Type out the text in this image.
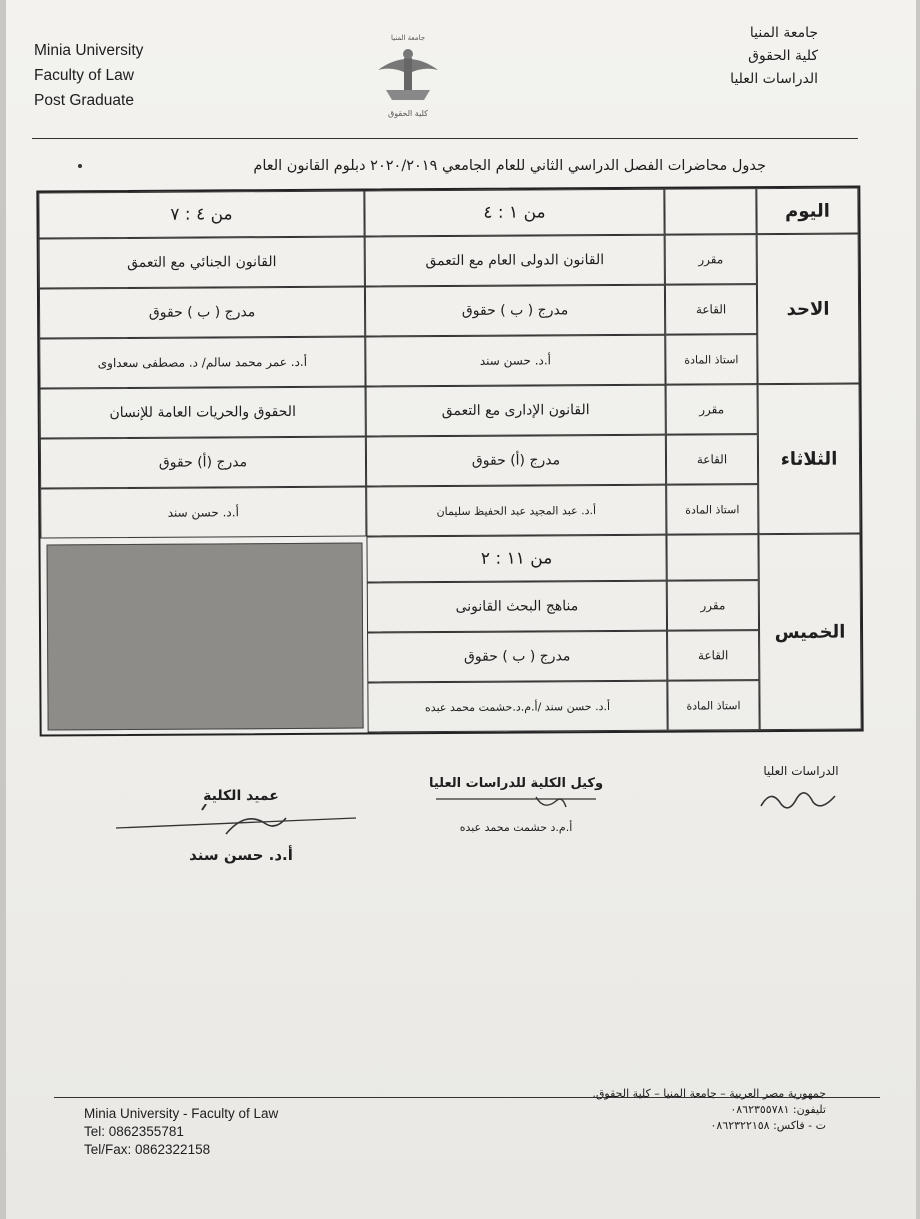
Minia University
Faculty of Law
Post Graduate
جامعة المنيا
كلية الحقوق
جامعة المنيا
كلية الحقوق
الدراسات العليا
جدول محاضرات الفصل الدراسي الثاني للعام الجامعي ٢٠٢٠/٢٠١٩ دبلوم القانون العام
اليوم
من ١ : ٤
من ٤ : ٧
الاحد
مقرر
القانون الدولى العام مع التعمق
القانون الجنائي مع التعمق
القاعة
مدرج ( ب ) حقوق
مدرج ( ب ) حقوق
استاذ المادة
أ.د. حسن سند
أ.د. عمر محمد سالم/ د. مصطفى سعداوى
الثلاثاء
مقرر
القانون الإدارى مع التعمق
الحقوق والحريات العامة للإنسان
القاعة
مدرج (أ) حقوق
مدرج (أ) حقوق
استاذ المادة
أ.د. عبد المجيد عبد الحفيظ سليمان
أ.د. حسن سند
الخميس
من ١١ : ٢
مقرر
مناهج البحث القانونى
القاعة
مدرج ( ب ) حقوق
استاذ المادة
أ.د. حسن سند /أ.م.د.حشمت محمد عبده
الدراسات العليا
وكيل الكلية للدراسات العليا
أ.م.د حشمت محمد عبده
عميد الكلية
أ.د. حسن سند
Minia University - Faculty of Law
Tel: 0862355781
Tel/Fax: 0862322158
جمهورية مصر العربية – جامعة المنيا – كلية الحقوق.
تليفون: ٠٨٦٢٣٥٥٧٨١
ت - فاكس: ٠٨٦٢٣٢٢١٥٨
